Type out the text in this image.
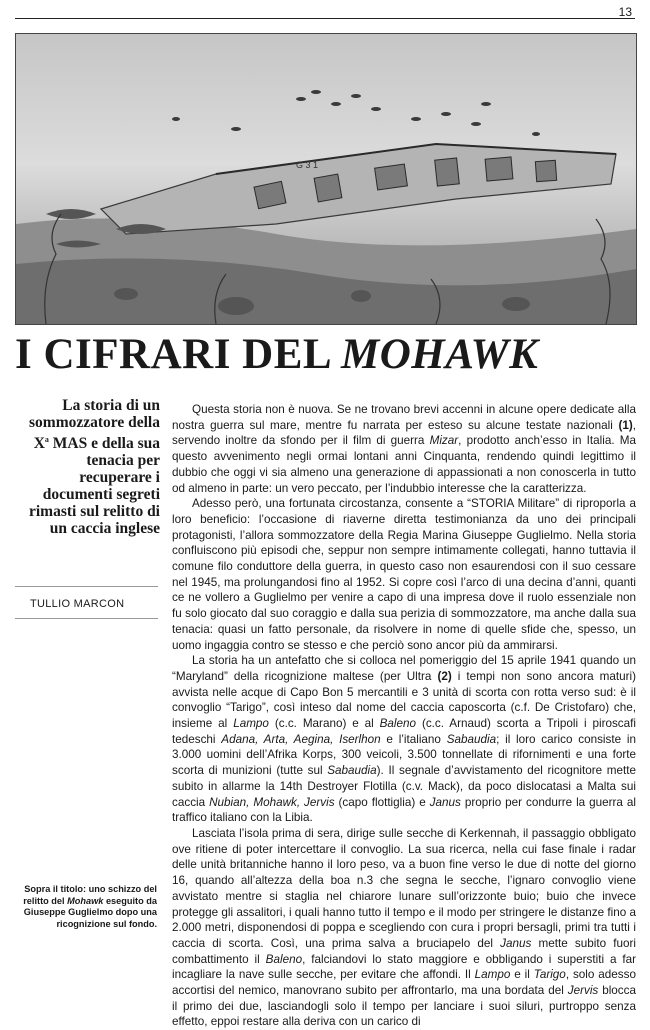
13
G 3 1
I CIFRARI DEL MOHAWK

La storia di un sommozzatore della $X^a$ MAS e della sua tenacia per recuperare i documenti segreti rimasti sul relitto di un caccia inglese

TULLIO MARCON

Sopra il titolo: uno schizzo del relitto del Mohawk eseguito da Giuseppe Guglielmo dopo una ricognizione sul fondo.

Questa storia non è nuova. Se ne trovano brevi accenni in alcune opere dedicate alla nostra guerra sul mare, mentre fu narrata per esteso su alcune testate nazionali (1), servendo inoltre da sfondo per il film di guerra Mizar, prodotto anch’esso in Italia. Ma questo avvenimento negli ormai lontani anni Cinquanta, rendendo quindi legittimo il dubbio che oggi vi sia almeno una generazione di appassionati a non conoscerla in tutto od almeno in parte: un vero peccato, per l’indubbio interesse che la caratterizza.

Adesso però, una fortunata circostanza, consente a “STORIA Militare” di riproporla a loro beneficio: l’occasione di riaverne diretta testimonianza da uno dei principali protagonisti, l’allora sommozzatore della Regia Marina Giuseppe Guglielmo. Nella storia confluiscono più episodi che, seppur non sempre intimamente collegati, hanno tuttavia il comune filo conduttore della guerra, in questo caso non esaurendosi con il suo cessare nel 1945, ma prolungandosi fino al 1952. Si copre così l’arco di una decina d’anni, quanti ce ne vollero a Guglielmo per venire a capo di una impresa dove il ruolo essenziale non fu solo giocato dal suo coraggio e dalla sua perizia di sommozzatore, ma anche dalla sua tenacia: quasi un fatto personale, da risolvere in nome di quelle sfide che, spesso, un uomo ingaggia contro se stesso e che perciò sono ancor più da ammirarsi.

La storia ha un antefatto che si colloca nel pomeriggio del 15 aprile 1941 quando un “Maryland” della ricognizione maltese (per Ultra (2) i tempi non sono ancora maturi) avvista nelle acque di Capo Bon 5 mercantili e 3 unità di scorta con rotta verso sud: è il convoglio “Tarigo”, così inteso dal nome del caccia caposcorta (c.f. De Cristofaro) che, insieme al Lampo (c.c. Marano) e al Baleno (c.c. Arnaud) scorta a Tripoli i piroscafi tedeschi Adana, Arta, Aegina, Iserlhon e l’italiano Sabaudia; il loro carico consiste in 3.000 uomini dell’Afrika Korps, 300 veicoli, 3.500 tonnellate di rifornimenti e una forte scorta di munizioni (tutte sul Sabaudia). Il segnale d’avvistamento del ricognitore mette subito in allarme la 14th Destroyer Flotilla (c.v. Mack), da poco dislocatasi a Malta sui caccia Nubian, Mohawk, Jervis (capo flottiglia) e Janus proprio per condurre la guerra al traffico italiano con la Libia.

Lasciata l’isola prima di sera, dirige sulle secche di Kerkennah, il passaggio obbligato ove ritiene di poter intercettare il convoglio. La sua ricerca, nella cui fase finale i radar delle unità britanniche hanno il loro peso, va a buon fine verso le due di notte del giorno 16, quando all’altezza della boa n.3 che segna le secche, l’ignaro convoglio viene avvistato mentre si staglia nel chiarore lunare sull’orizzonte buio; buio che invece protegge gli assalitori, i quali hanno tutto il tempo e il modo per stringere le distanze fino a 2.000 metri, disponendosi di poppa e scegliendo con cura i propri bersagli, primi tra tutti i caccia di scorta. Così, una prima salva a bruciapelo del Janus mette subito fuori combattimento il Baleno, falciandovi lo stato maggiore e obbligando i superstiti a far incagliare la nave sulle secche, per evitare che affondi. Il Lampo e il Tarigo, solo adesso accortisi del nemico, manovrano subito per affrontarlo, ma una bordata del Jervis blocca il primo dei due, lasciandogli solo il tempo per lanciare i suoi siluri, purtroppo senza effetto, eppoi restare alla deriva con un carico di
